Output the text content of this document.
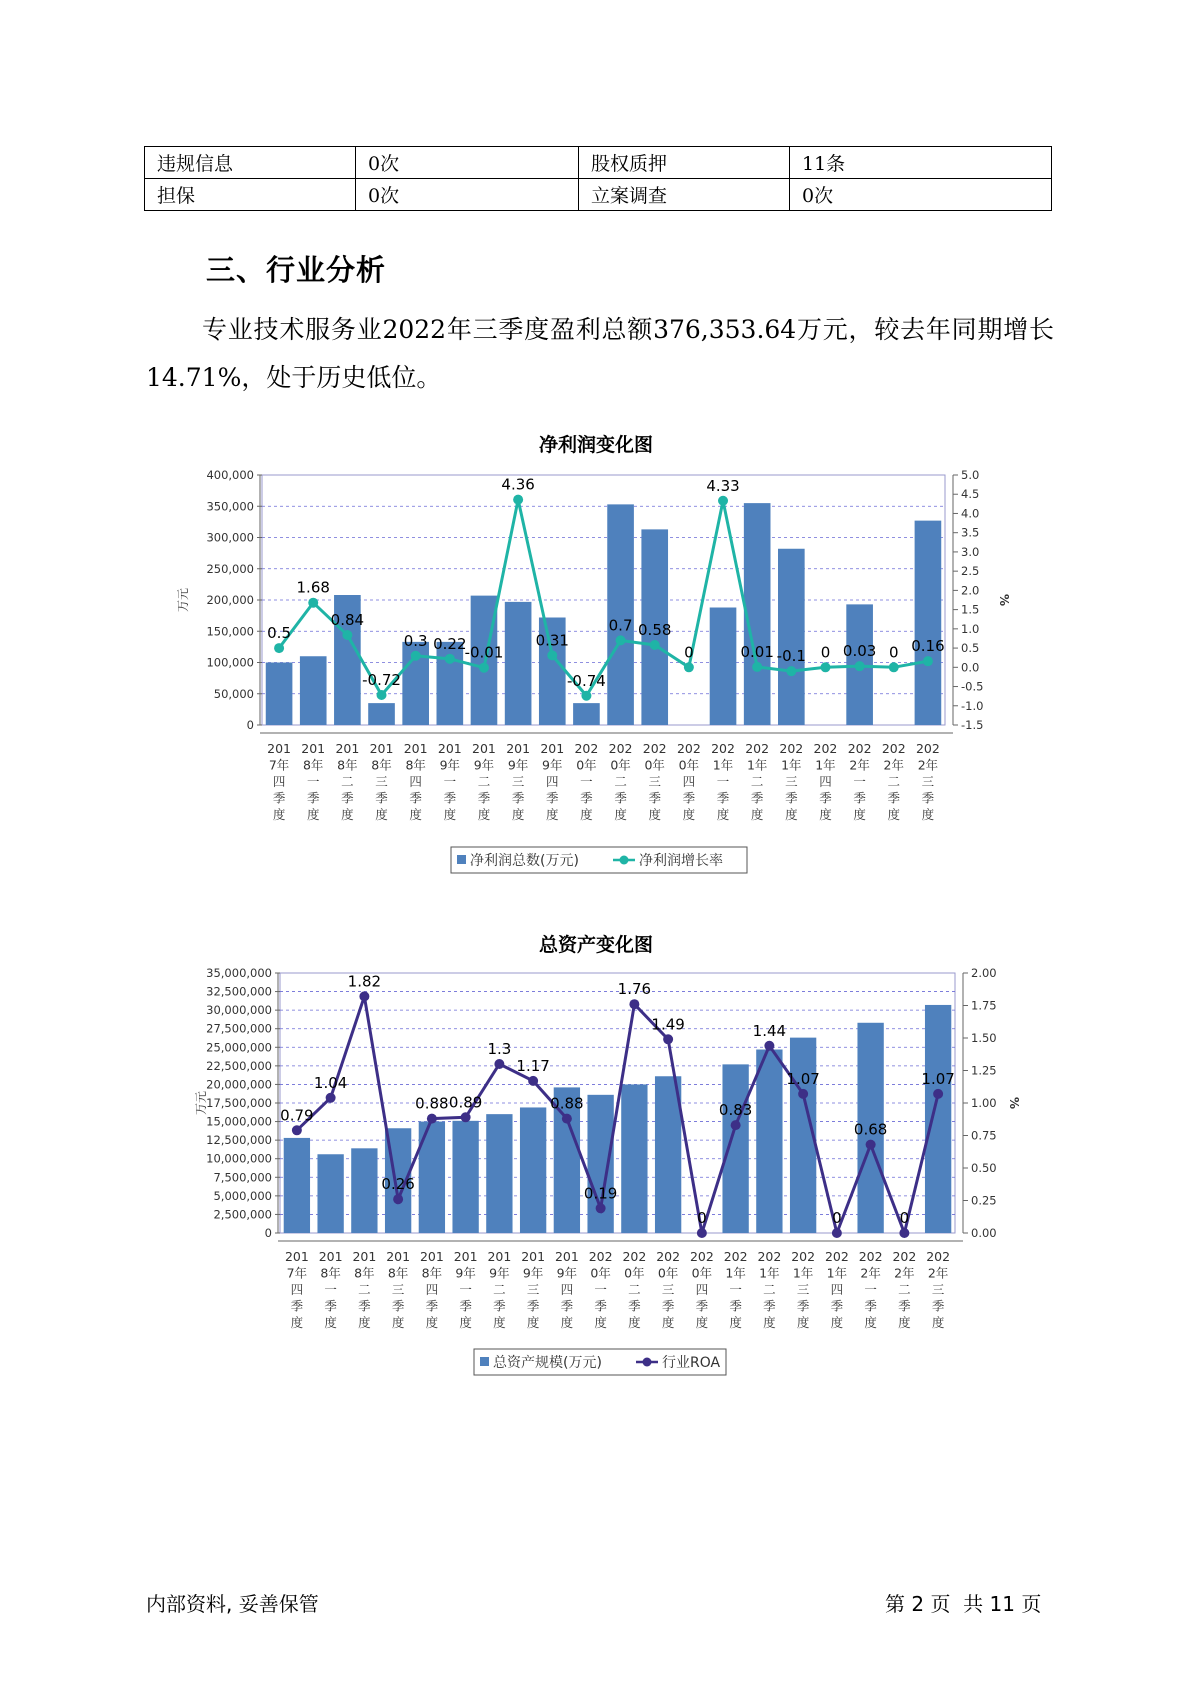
违规信息	0次	股权质押	11条
担保	0次	立案调查	0次
三、行业分析

专业技术服务业2022年三季度盈利总额376,353.64万元，较去年同期增长14.71%，处于历史低位。

净利润变化图
0
50,000
100,000
150,000
200,000
250,000
300,000
350,000
400,000
-1.5
-1.0
-0.5
0.0
0.5
1.0
1.5
2.0
2.5
3.0
3.5
4.0
4.5
5.0
万元	%
0.5
1.68
0.84
-0.72
0.3 0.22
-0.01
4.36
0.31
-0.74
0.7 0.58
0
4.33
0.01 -0.1 0 0.03 0 0.16
201 7年四季度
201 8年一季度
201 8年二季度
201 8年三季度
201 8年四季度
201 9年一季度
201 9年二季度
201 9年三季度
201 9年四季度
202 0年一季度
202 0年二季度
202 0年三季度
202 0年四季度
202 1年一季度
202 1年二季度
202 1年三季度
202 1年四季度
202 2年一季度
202 2年二季度
202 2年三季度
净利润总数(万元)	净利润增长率
总资产变化图
0
2,500,000
5,000,000
7,500,000
10,000,000
12,500,000
15,000,000
17,500,000
20,000,000
22,500,000
25,000,000
27,500,000
30,000,000
32,500,000
35,000,000
0.00
0.25
0.50
0.75
1.00
1.25
1.50
1.75
2.00
万元	%
0.79
1.04
1.82
0.26
0.88 0.89
1.3
1.17
0.88
0.19
1.76
1.49
0
0.83
1.44
1.07
0
0.68
0
1.07
201 7年四季度
201 8年一季度
201 8年二季度
201 8年三季度
201 8年四季度
201 9年一季度
201 9年二季度
201 9年三季度
201 9年四季度
202 0年一季度
202 0年二季度
202 0年三季度
202 0年四季度
202 1年一季度
202 1年二季度
202 1年三季度
202 1年四季度
202 2年一季度
202 2年二季度
202 2年三季度
总资产规模(万元)	行业ROA
内部资料, 妥善保管	第 2 页  共 11 页
